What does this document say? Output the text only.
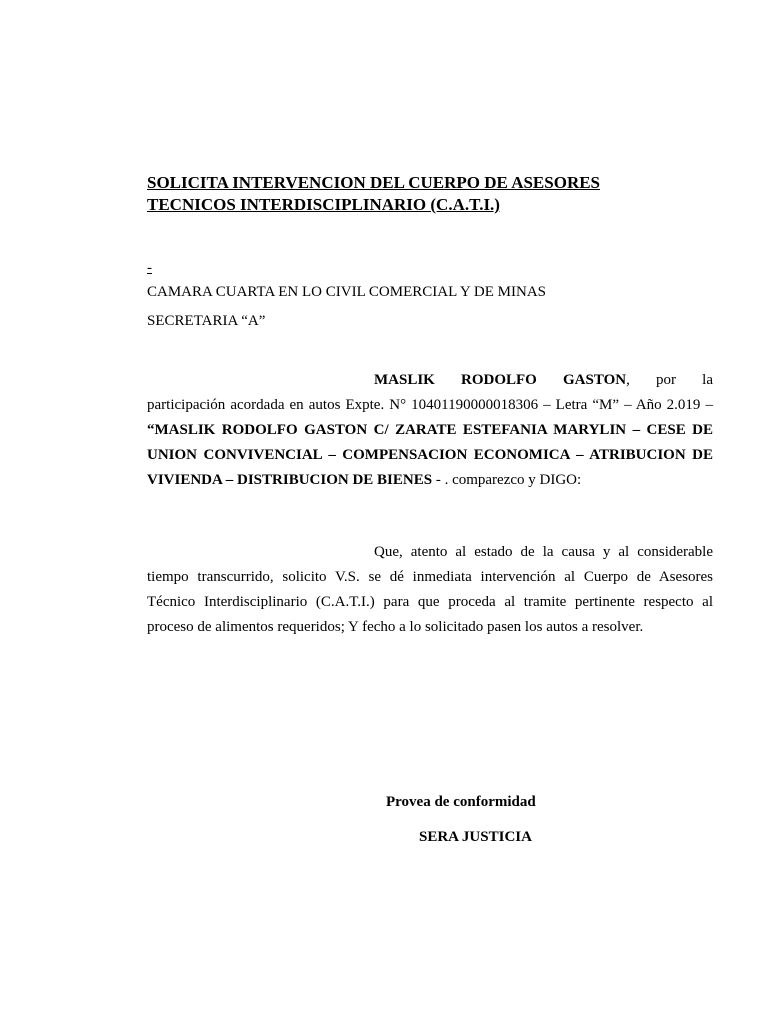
SOLICITA INTERVENCION DEL CUERPO DE ASESORES
TECNICOS INTERDISCIPLINARIO (C.A.T.I.)
-
CAMARA CUARTA EN LO CIVIL COMERCIAL Y DE MINAS
SECRETARIA “A”
MASLIK RODOLFO GASTON, por la
participación acordada en autos Expte. N° 10401190000018306 – Letra “M” – Año 2.019 –
“MASLIK RODOLFO GASTON C/ ZARATE ESTEFANIA MARYLIN – CESE DE
UNION CONVIVENCIAL – COMPENSACION ECONOMICA – ATRIBUCION DE
VIVIENDA – DISTRIBUCION DE BIENES - . comparezco y DIGO:
Que, atento al estado de la causa y al considerable
tiempo transcurrido, solicito V.S. se dé inmediata intervención al Cuerpo de Asesores
Técnico Interdisciplinario (C.A.T.I.) para que proceda al tramite pertinente respecto al
proceso de alimentos requeridos; Y fecho a lo solicitado pasen los autos a resolver.
Provea de conformidad
SERA JUSTICIA
